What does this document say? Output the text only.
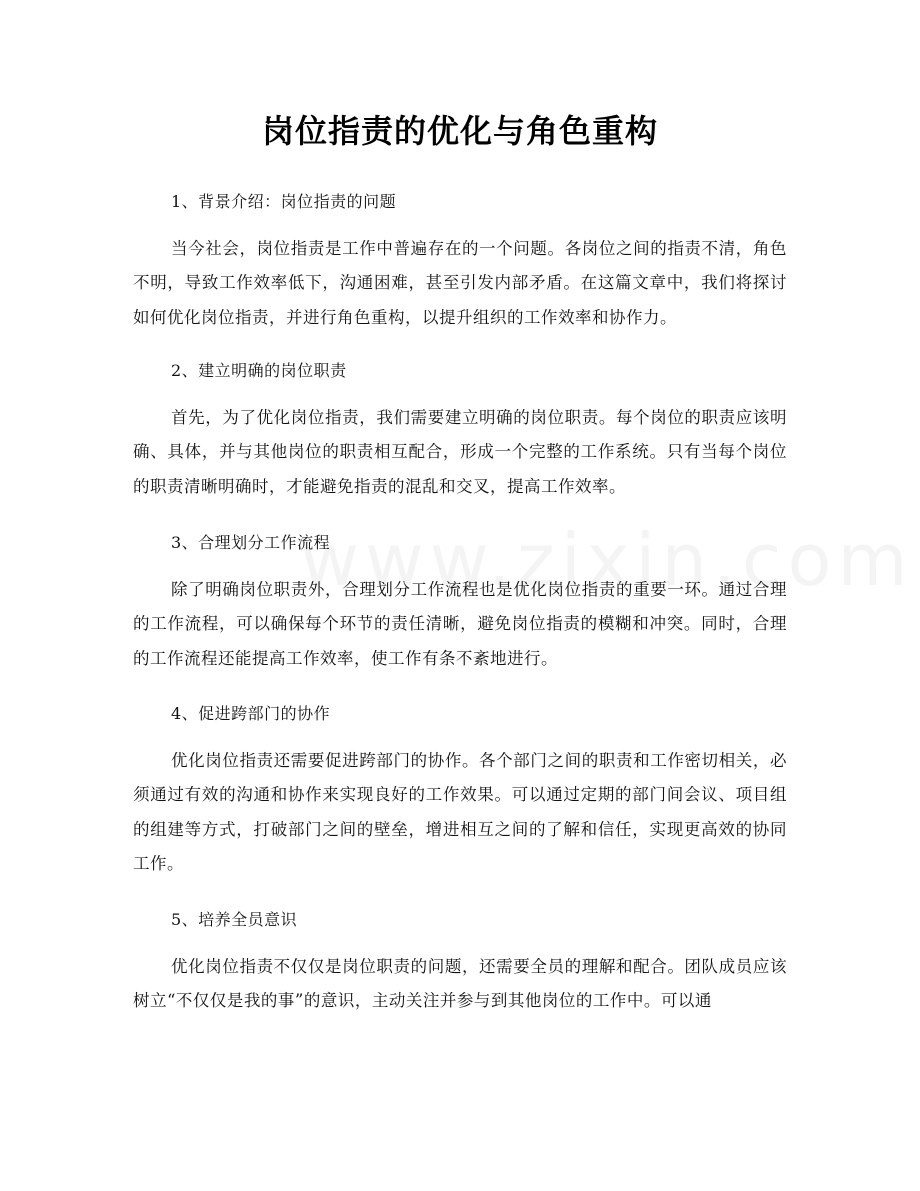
岗位指责的优化与角色重构

1、背景介绍：岗位指责的问题

当今社会，岗位指责是工作中普遍存在的一个问题。各岗位之间的指责不清，角色不明，导致工作效率低下，沟通困难，甚至引发内部矛盾。在这篇文章中，我们将探讨如何优化岗位指责，并进行角色重构，以提升组织的工作效率和协作力。

2、建立明确的岗位职责

首先，为了优化岗位指责，我们需要建立明确的岗位职责。每个岗位的职责应该明确、具体，并与其他岗位的职责相互配合，形成一个完整的工作系统。只有当每个岗位的职责清晰明确时，才能避免指责的混乱和交叉，提高工作效率。

3、合理划分工作流程

除了明确岗位职责外，合理划分工作流程也是优化岗位指责的重要一环。通过合理的工作流程，可以确保每个环节的责任清晰，避免岗位指责的模糊和冲突。同时，合理的工作流程还能提高工作效率，使工作有条不紊地进行。

4、促进跨部门的协作

优化岗位指责还需要促进跨部门的协作。各个部门之间的职责和工作密切相关，必须通过有效的沟通和协作来实现良好的工作效果。可以通过定期的部门间会议、项目组的组建等方式，打破部门之间的壁垒，增进相互之间的了解和信任，实现更高效的协同工作。

5、培养全员意识

优化岗位指责不仅仅是岗位职责的问题，还需要全员的理解和配合。团队成员应该树立“不仅仅是我的事”的意识，主动关注并参与到其他岗位的工作中。可以通
